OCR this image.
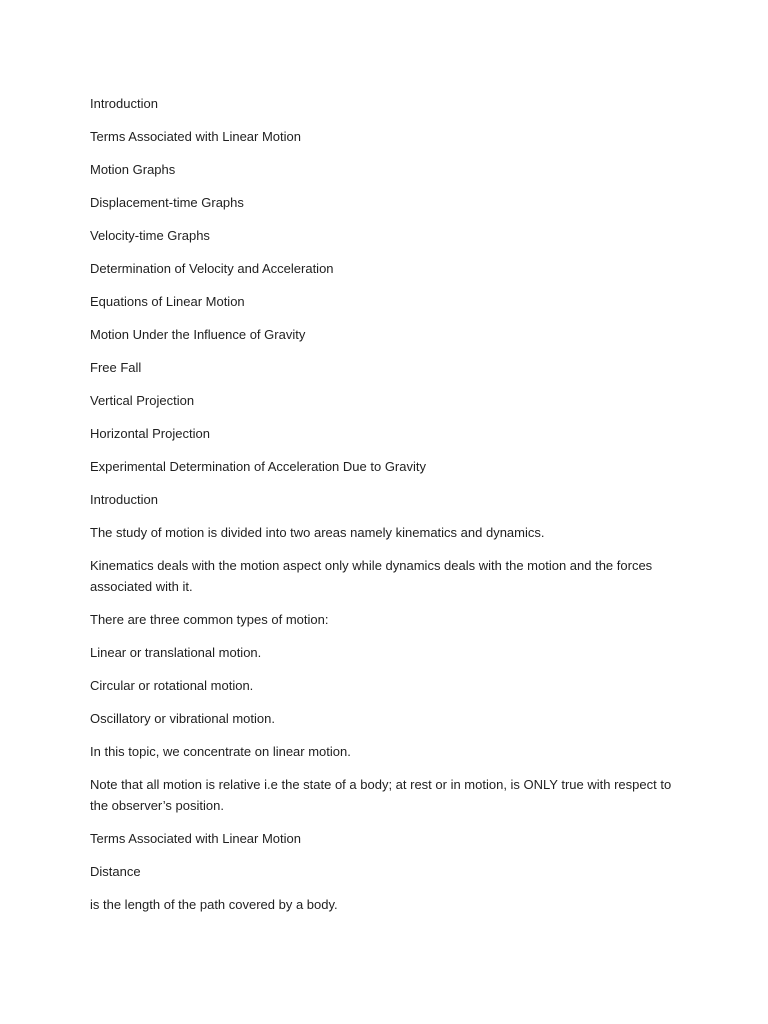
Introduction

Terms Associated with Linear Motion

Motion Graphs

Displacement-time Graphs

Velocity-time Graphs

Determination of Velocity and Acceleration

Equations of Linear Motion

Motion Under the Influence of Gravity

Free Fall

Vertical Projection

Horizontal Projection

Experimental Determination of Acceleration Due to Gravity

Introduction

The study of motion is divided into two areas namely kinematics and dynamics.

Kinematics deals with the motion aspect only while dynamics deals with the motion and the forces associated with it.

There are three common types of motion:

Linear or translational motion.

Circular or rotational motion.

Oscillatory or vibrational motion.

In this topic, we concentrate on linear motion.

Note that all motion is relative i.e the state of a body; at rest or in motion, is ONLY true with respect to the observer’s position.

Terms Associated with Linear Motion

Distance

is the length of the path covered by a body.
